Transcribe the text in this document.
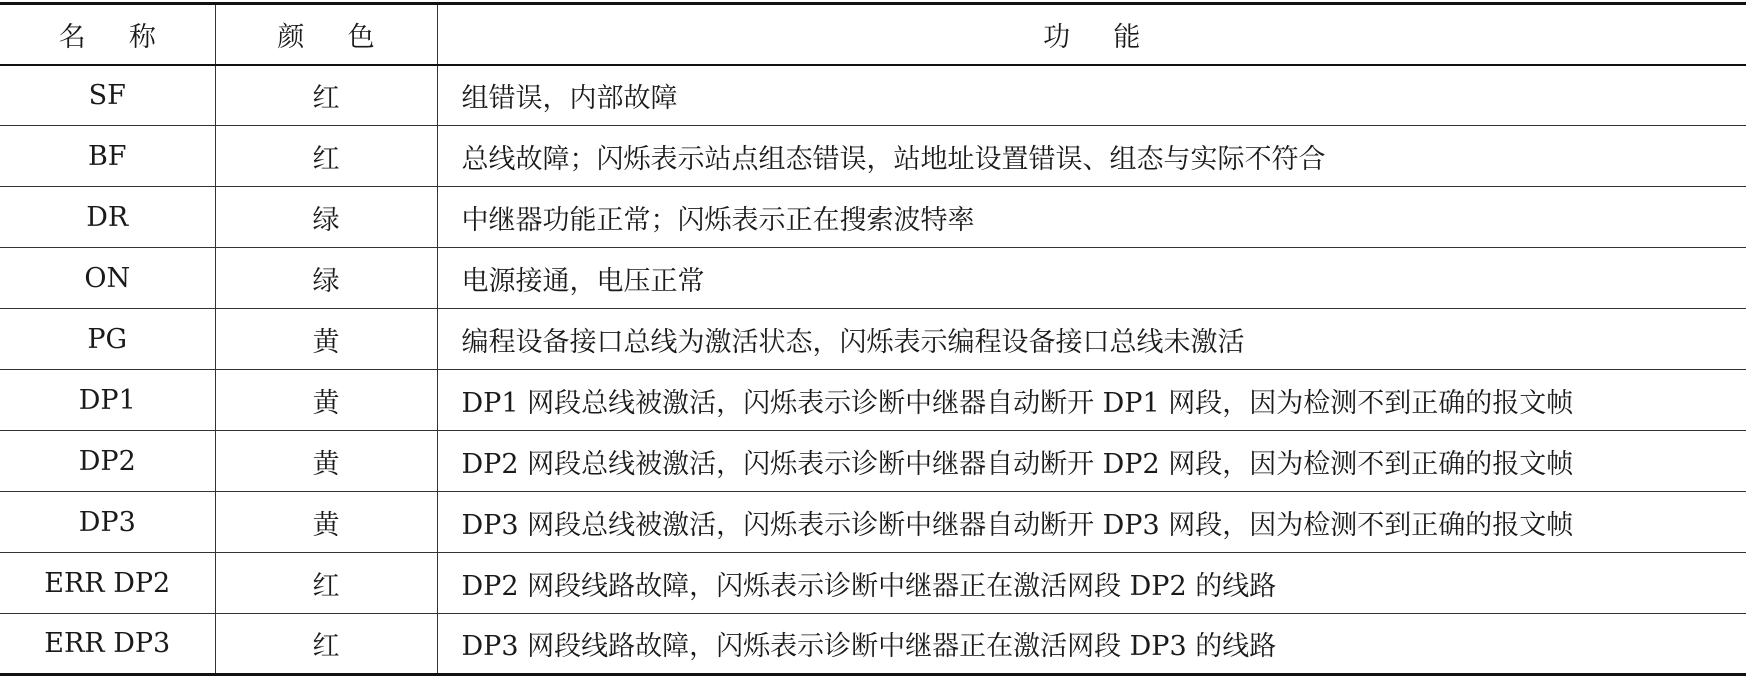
名称	颜色	功能
SF	红	组错误，内部故障
BF	红	总线故障；闪烁表示站点组态错误，站地址设置错误、组态与实际不符合
DR	绿	中继器功能正常；闪烁表示正在搜索波特率
ON	绿	电源接通，电压正常
PG	黄	编程设备接口总线为激活状态，闪烁表示编程设备接口总线未激活
DP1	黄	DP1 网段总线被激活，闪烁表示诊断中继器自动断开 DP1 网段，因为检测不到正确的报文帧
DP2	黄	DP2 网段总线被激活，闪烁表示诊断中继器自动断开 DP2 网段，因为检测不到正确的报文帧
DP3	黄	DP3 网段总线被激活，闪烁表示诊断中继器自动断开 DP3 网段，因为检测不到正确的报文帧
ERR DP2	红	DP2 网段线路故障，闪烁表示诊断中继器正在激活网段 DP2 的线路
ERR DP3	红	DP3 网段线路故障，闪烁表示诊断中继器正在激活网段 DP3 的线路
